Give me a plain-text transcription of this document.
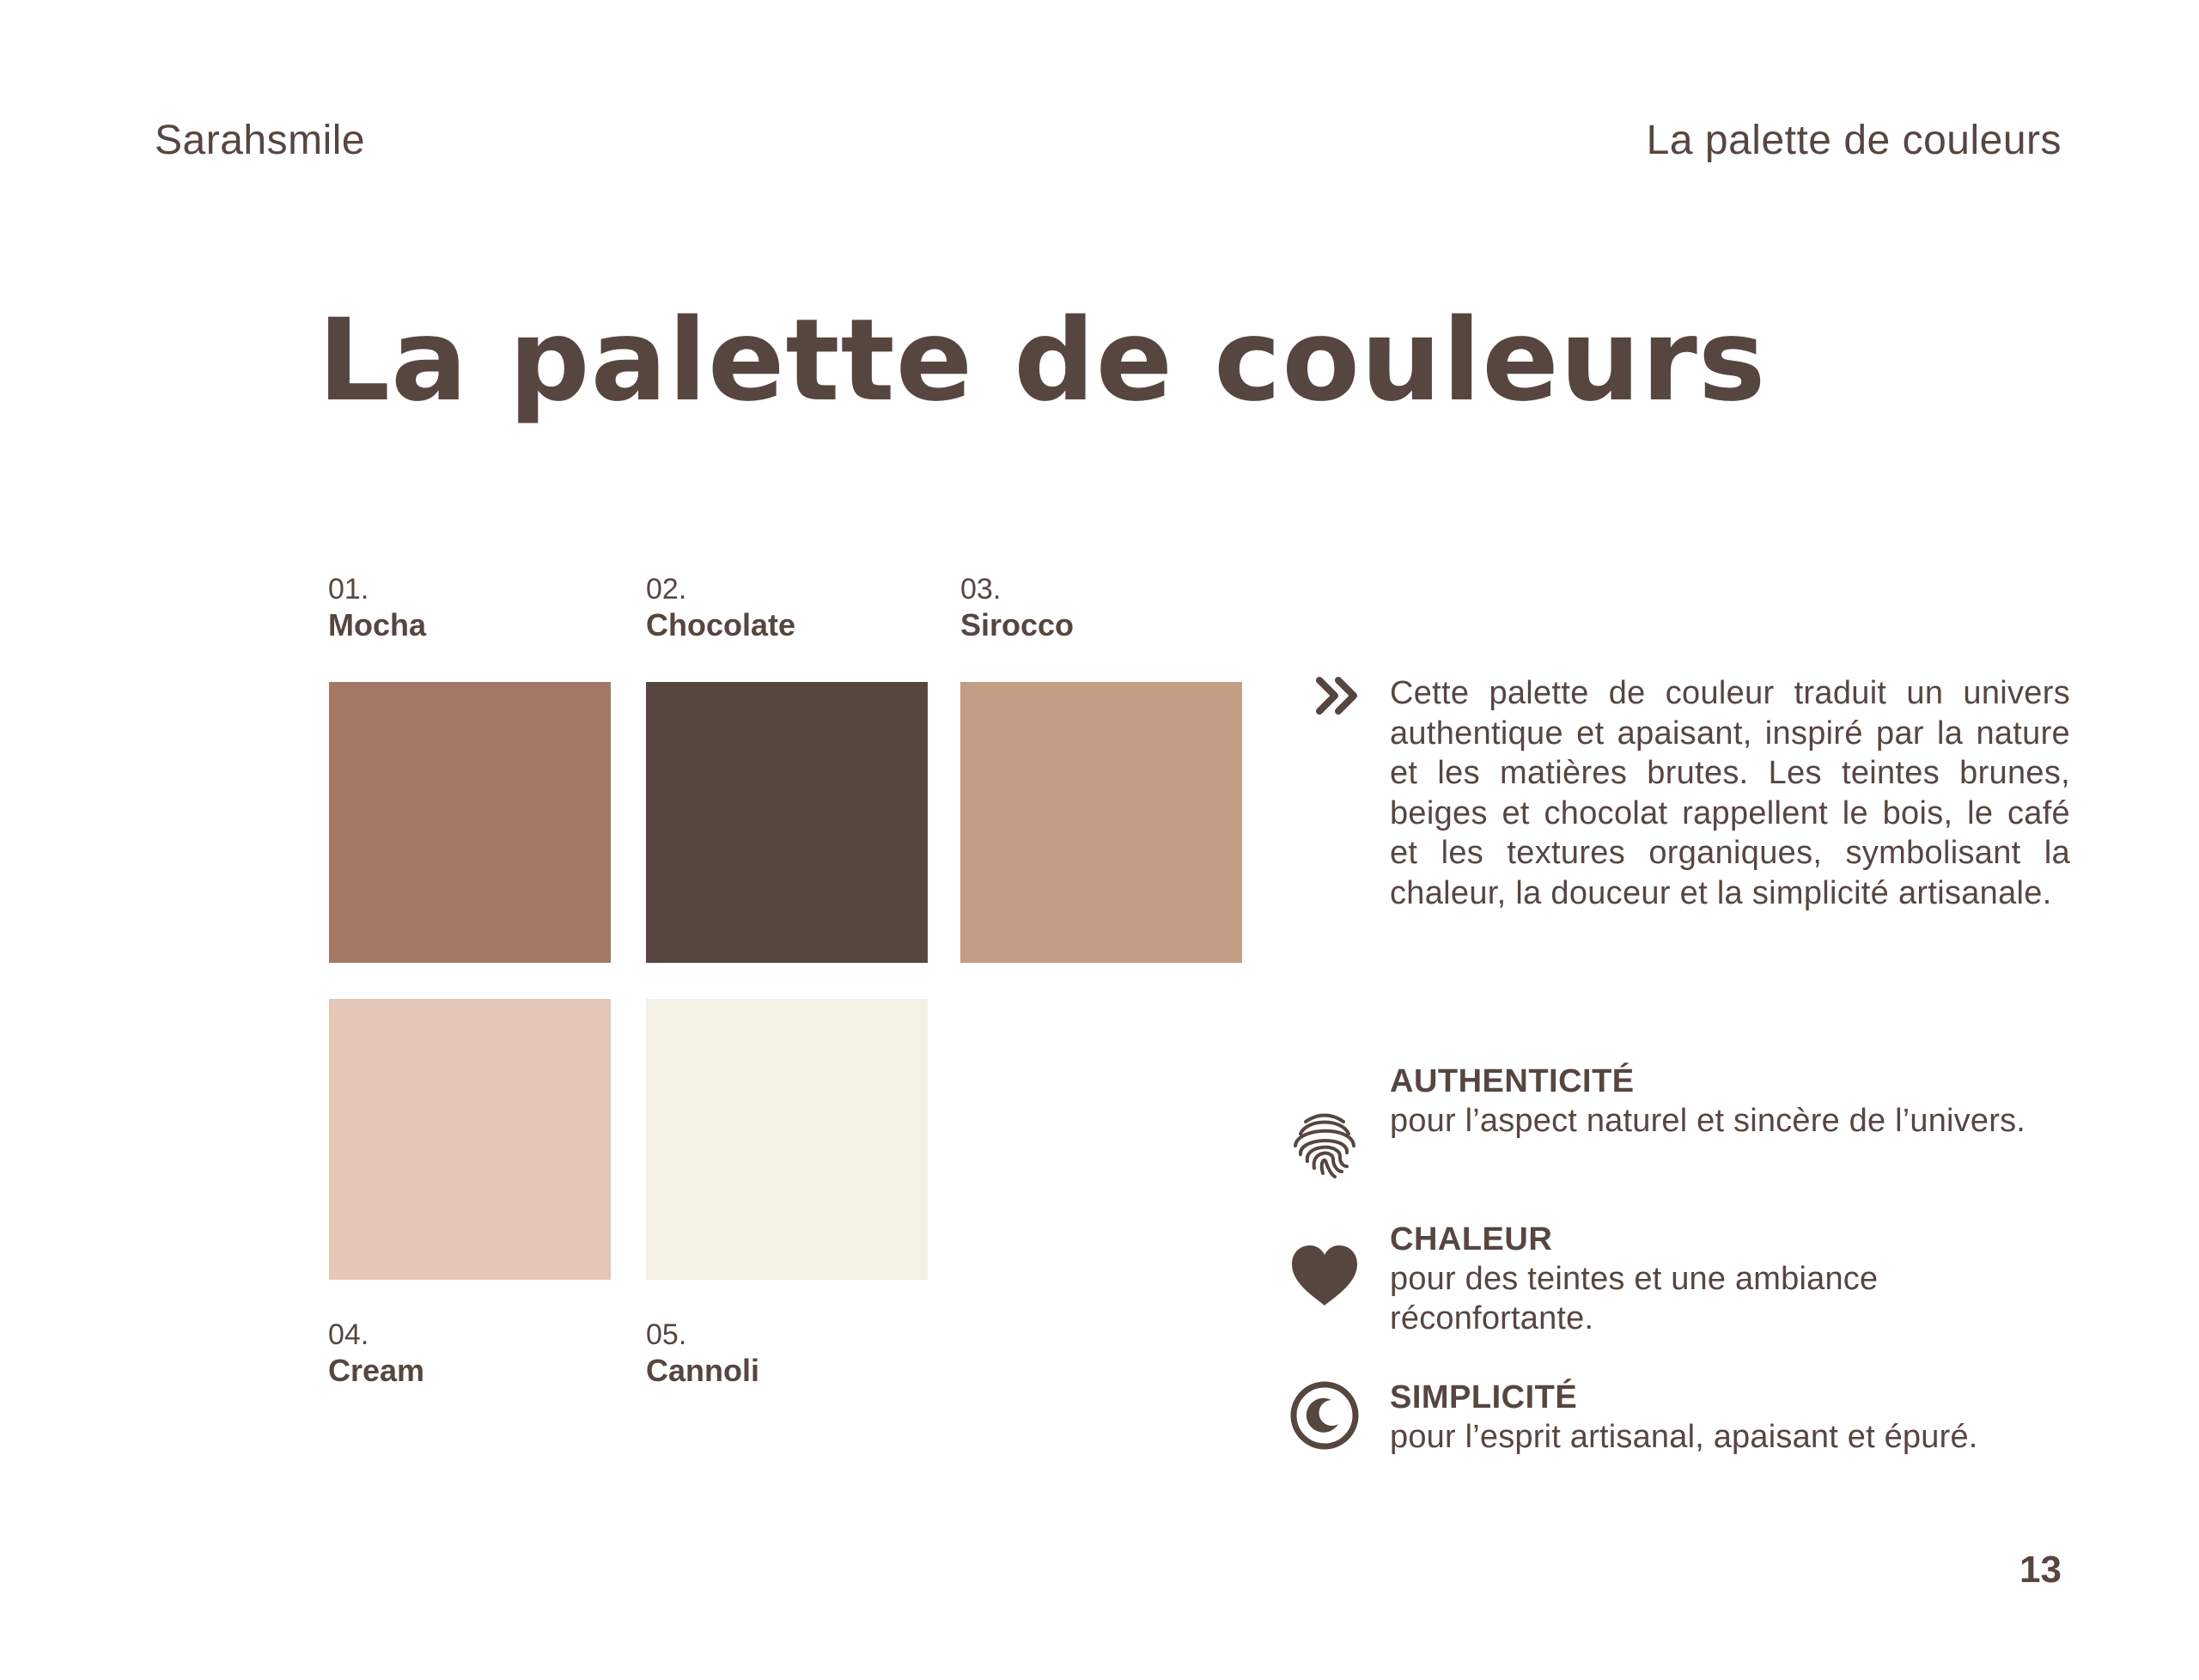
Sarahsmile	La palette de couleurs
La palette de couleurs
01.
Mocha
02.
Chocolate
03.
Sirocco
04.
Cream
05.
Cannoli
Cette palette de couleur traduit un univers authentique et apaisant, inspiré par la nature et les matières brutes. Les teintes brunes, beiges et chocolat rappellent le bois, le café et les textures organiques, symbolisant la chaleur, la douceur et la simplicité artisanale.
AUTHENTICITÉ
pour l’aspect naturel et sincère de l’univers.
CHALEUR
pour des teintes et une ambiance réconfortante.
SIMPLICITÉ
pour l’esprit artisanal, apaisant et épuré.
13
